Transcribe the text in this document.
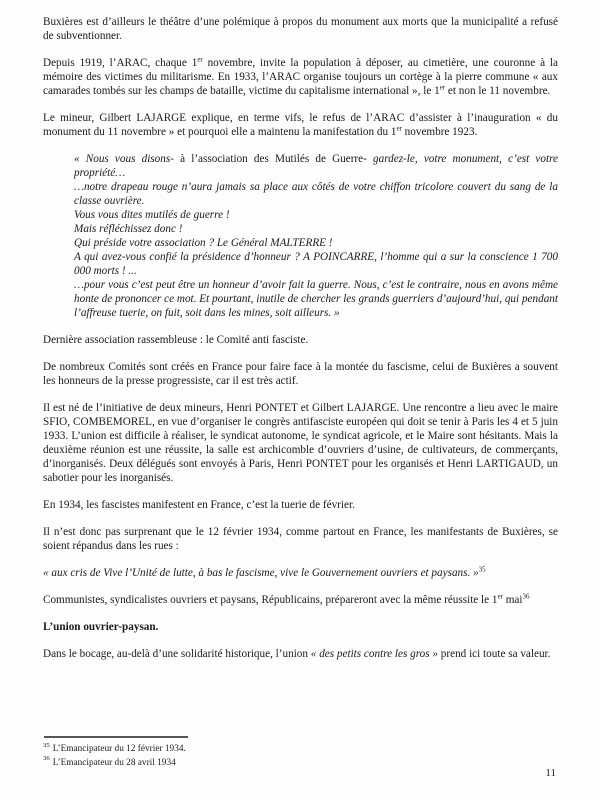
Buxières est d’ailleurs le théâtre d’une polémique à propos du monument aux morts que la municipalité a refusé de subventionner.
Depuis 1919, l’ARAC, chaque 1er novembre, invite la population à déposer, au cimetière, une couronne à la mémoire des victimes du militarisme. En 1933, l’ARAC organise toujours un cortège à la pierre commune « aux camarades tombés sur les champs de bataille, victime du capitalisme international », le 1er et non le 11 novembre.
Le mineur, Gilbert LAJARGE explique, en terme vifs, le refus de l’ARAC d’assister à l’inauguration « du monument du 11 novembre » et pourquoi elle a maintenu la manifestation du 1er novembre 1923.
« Nous vous disons- à l’association des Mutilés de Guerre- gardez-le, votre monument, c’est votre propriété…
…notre drapeau rouge n’aura jamais sa place aux côtés de votre chiffon tricolore couvert du sang de la classe ouvrière.
Vous vous dites mutilés de guerre !
Mais réfléchissez donc !
Qui préside votre association ? Le Général MALTERRE !
A qui avez-vous confié la présidence d’honneur ? A POINCARRE, l’homme qui a sur la conscience 1 700 000 morts ! ...
…pour vous c’est peut être un honneur d’avoir fait la guerre. Nous, c’est le contraire, nous en avons même honte de prononcer ce mot. Et pourtant, inutile de chercher les grands guerriers d’aujourd’hui, qui pendant l’affreuse tuerie, on fuit, soit dans les mines, soit ailleurs. »
Dernière association rassembleuse : le Comité anti fasciste.
De nombreux Comités sont créés en France pour faire face à la montée du fascisme, celui de Buxières a souvent les honneurs de la presse progressiste, car il est très actif.
Il est né de l’initiative de deux mineurs, Henri PONTET et Gilbert LAJARGE. Une rencontre a lieu avec le maire SFIO, COMBEMOREL, en vue d’organiser le congrès antifasciste européen qui doit se tenir à Paris les 4 et 5 juin 1933. L’union est difficile à réaliser, le syndicat autonome, le syndicat agricole, et le Maire sont hésitants. Mais la deuxième réunion est une réussite, la salle est archicomble d’ouvriers d’usine, de cultivateurs, de commerçants, d’inorganisés. Deux délégués sont envoyés à Paris, Henri PONTET pour les organisés et Henri LARTIGAUD, un sabotier pour les inorganisés.
En 1934, les fascistes manifestent en France, c’est la tuerie de février.
Il n’est donc pas surprenant que le 12 février 1934, comme partout en France, les manifestants de Buxières, se soient répandus dans les rues :
« aux cris de Vive l’Unité de lutte, à bas le fascisme, vive le Gouvernement ouvriers et paysans. »$^{35}$
Communistes, syndicalistes ouvriers et paysans, Républicains, prépareront avec la même réussite le 1er mai$^{36}$
L’union ouvrier-paysan.
Dans le bocage, au-delà d’une solidarité historique, l’union « des petits contre les gros » prend ici toute sa valeur.
$^{35}$ L’Emancipateur du 12 février 1934.
$^{36}$ L’Emancipateur du 28 avril 1934
11
